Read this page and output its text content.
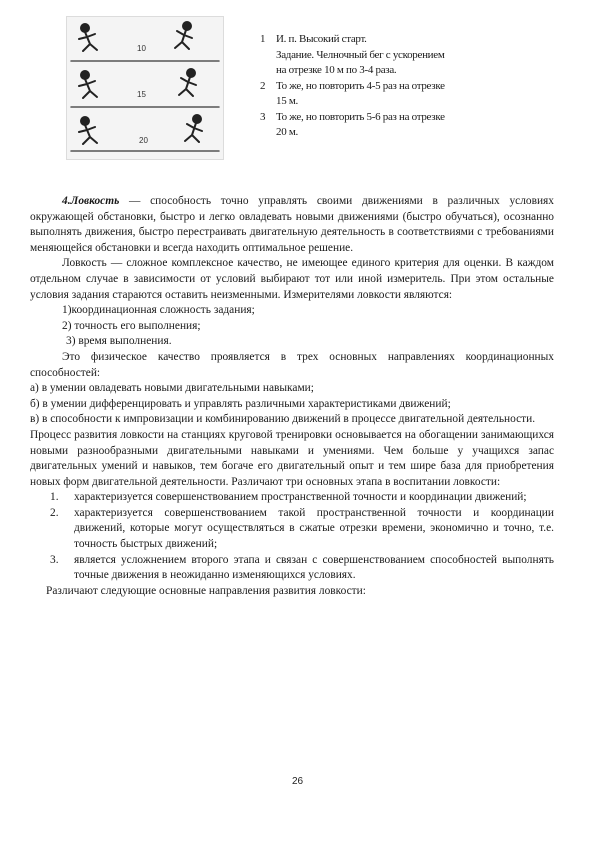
10
15
20
1 И. п. Высокий старт.
Задание. Челночный бег с ускорением
на отрезке 10 м по 3-4 раза.
2 То же, но повторить 4-5 раз на отрезке
15 м.
3 То же, но повторить 5-6 раз на отрезке
20 м.

4.Ловкость — способность точно управлять своими движениями в различных условиях окружающей обстановки, быстро и легко овладевать новыми движениями (быстро обучаться), осознанно выполнять движения, быстро перестраивать двигательную деятельность в соответствиями с требованиями меняющейся обстановки и всегда находить оптимальное решение.

Ловкость — сложное комплексное качество, не имеющее единого критерия для оценки. В каждом отдельном случае в зависимости от условий выбирают тот или иной измеритель. При этом остальные условия задания стараются оставить неизменными. Измерителями ловкости являются:

1)координационная сложность задания;

2) точность его выполнения;

3) время выполнения.

Это физическое качество проявляется в трех основных направлениях координационных способностей:

а) в умении овладевать новыми двигательными навыками;

б) в умении дифференцировать и управлять различными характеристиками движений;

в) в способности к импровизации и комбинированию движений в процессе двигательной деятельности.

Процесс развития ловкости на станциях круговой тренировки основывается на обогащении занимающихся новыми разнообразными двигательными навыками и умениями. Чем больше у учащихся запас двигательных умений и навыков, тем богаче его двигательный опыт и тем шире база для приобретения новых форм двигательной деятельности. Различают три основных этапа в воспитании ловкости:

1. характеризуется совершенствованием пространственной точности и координации движений;
2. характеризуется совершенствованием такой пространственной точности и координации движений, которые могут осуществляться в сжатые отрезки времени, экономично и точно, т.е. точность быстрых движений;
3. является усложнением второго этапа и связан с совершенствованием способностей выполнять точные движения в неожиданно изменяющихся условиях.

Различают следующие основные направления развития ловкости:

26
